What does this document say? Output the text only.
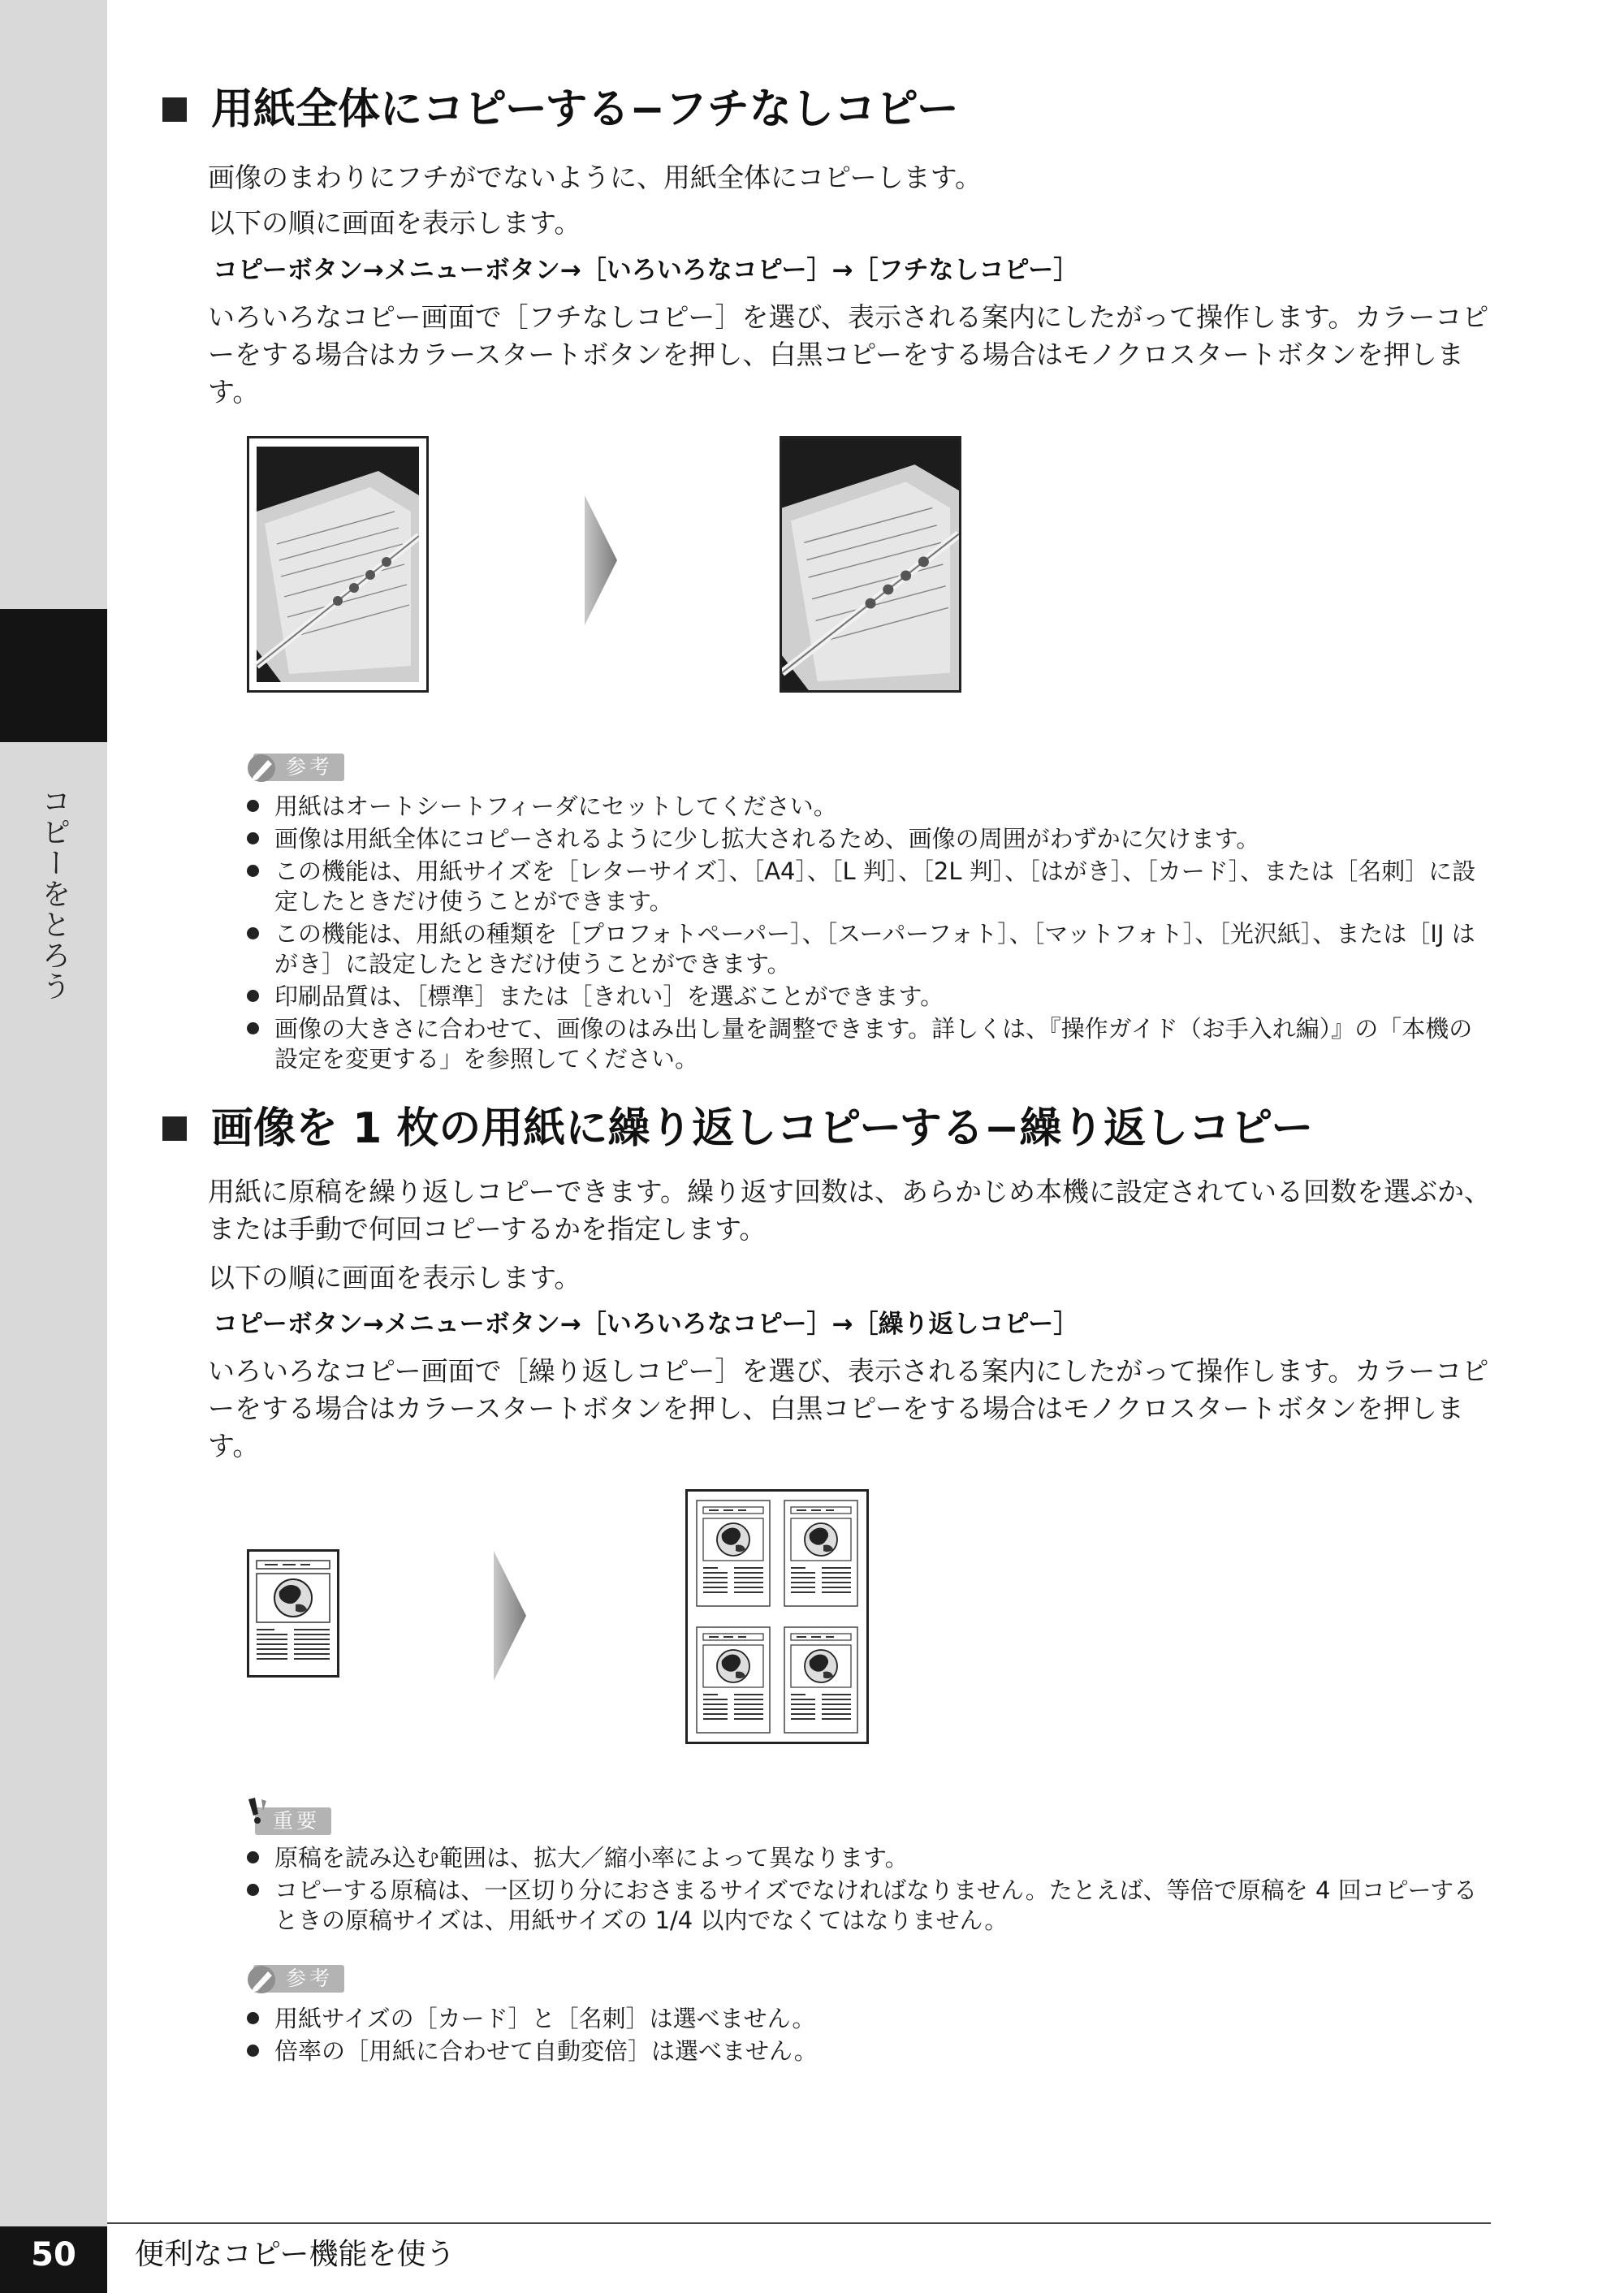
コピーをとろう
用紙全体にコピーする−フチなしコピー
画像のまわりにフチがでないように、用紙全体にコピーします。
以下の順に画面を表示します。
コピーボタン→メニューボタン→［いろいろなコピー］→［フチなしコピー］
いろいろなコピー画面で［フチなしコピー］を選び、表示される案内にしたがって操作します。カラーコピーをする場合はカラースタートボタンを押し、白黒コピーをする場合はモノクロスタートボタンを押します。
参考
用紙はオートシートフィーダにセットしてください。
画像は用紙全体にコピーされるように少し拡大されるため、画像の周囲がわずかに欠けます。
この機能は、用紙サイズを［レターサイズ］、［A4］、［L 判］、［2L 判］、［はがき］、［カード］、または［名刺］に設定したときだけ使うことができます。
この機能は、用紙の種類を［プロフォトペーパー］、［スーパーフォト］、［マットフォト］、［光沢紙］、または［IJ はがき］に設定したときだけ使うことができます。
印刷品質は、［標準］または［きれい］を選ぶことができます。
画像の大きさに合わせて、画像のはみ出し量を調整できます。詳しくは、『操作ガイド（お手入れ編）』の「本機の設定を変更する」を参照してください。
画像を 1 枚の用紙に繰り返しコピーする−繰り返しコピー
用紙に原稿を繰り返しコピーできます。繰り返す回数は、あらかじめ本機に設定されている回数を選ぶか、または手動で何回コピーするかを指定します。
以下の順に画面を表示します。
コピーボタン→メニューボタン→［いろいろなコピー］→［繰り返しコピー］
いろいろなコピー画面で［繰り返しコピー］を選び、表示される案内にしたがって操作します。カラーコピーをする場合はカラースタートボタンを押し、白黒コピーをする場合はモノクロスタートボタンを押します。
重要
原稿を読み込む範囲は、拡大／縮小率によって異なります。
コピーする原稿は、一区切り分におさまるサイズでなければなりません。たとえば、等倍で原稿を 4 回コピーするときの原稿サイズは、用紙サイズの 1/4 以内でなくてはなりません。
参考
用紙サイズの［カード］と［名刺］は選べません。
倍率の［用紙に合わせて自動変倍］は選べません。
50	便利なコピー機能を使う
